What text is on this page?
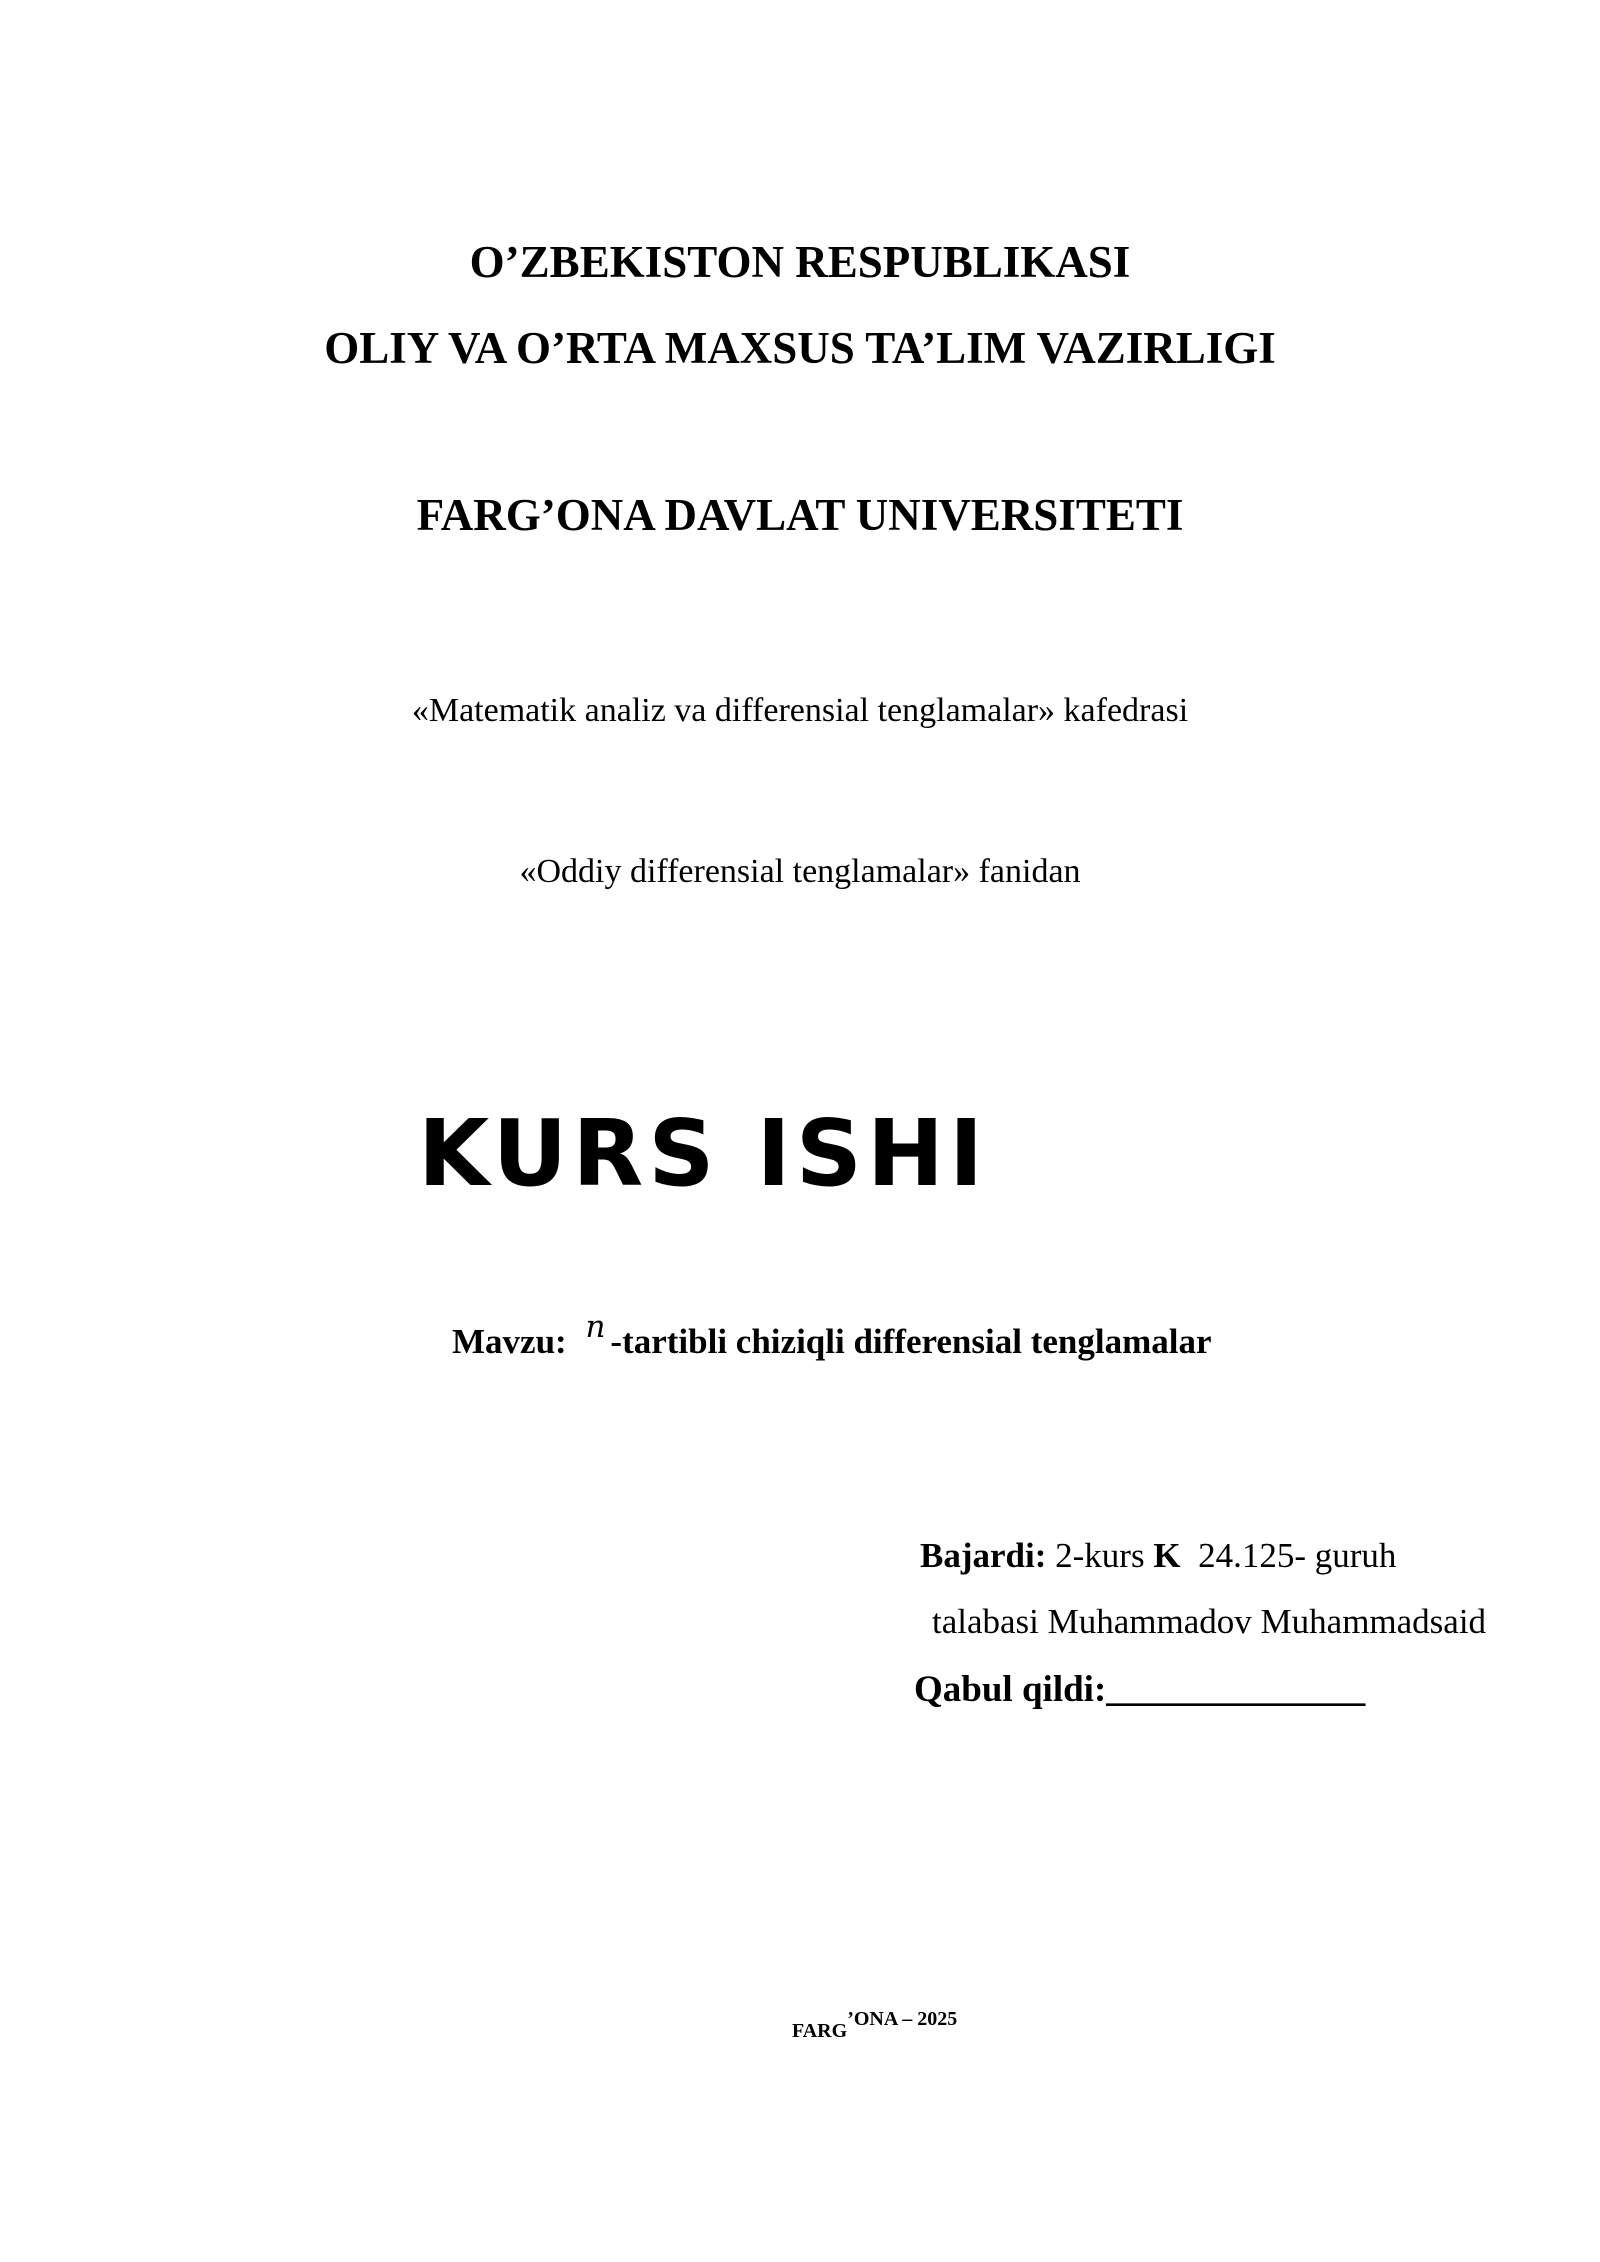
O’ZBEKISTON RESPUBLIKASI
OLIY VA O’RTA MAXSUS TA’LIM VAZIRLIGI
FARG’ONA DAVLAT UNIVERSITETI
«Matematik analiz va differensial tenglamalar» kafedrasi
«Oddiy differensial tenglamalar» fanidan
KURS ISHI
Mavzu: n -tartibli chiziqli differensial tenglamalar
Bajardi: 2-kurs K 24.125- guruh
talabasi Muhammadov Muhammadsaid
Qabul qildi:______________
FARG’ONA – 2025
